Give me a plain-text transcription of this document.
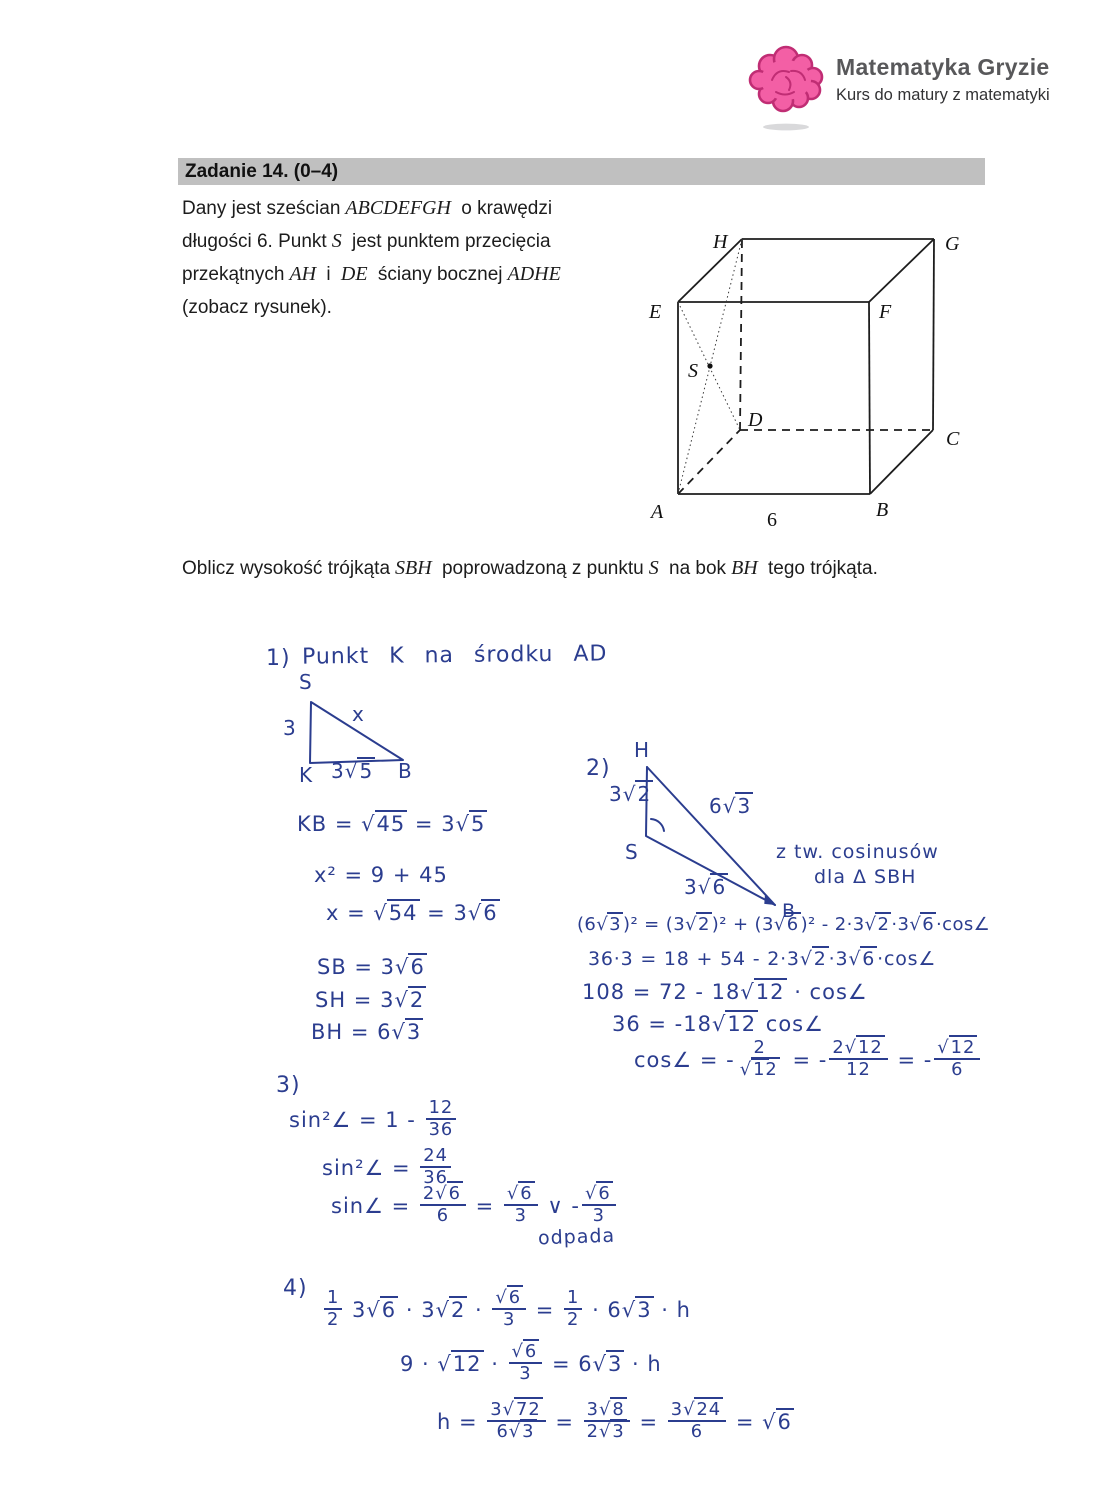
Matematyka Gryzie
Kurs do matury z matematyki
Zadanie 14. (0–4)
Dany jest sześcian ABCDEFGH o krawędzi
długości 6. Punkt S jest punktem przecięcia
przekątnych AH i DE ściany bocznej ADHE
(zobacz rysunek).
H	G
E	F
S
D
C
A	B
6
Oblicz wysokość trójkąta SBH poprowadzoną z punktu S na bok BH tego trójkąta.
1) Punkt K na środku AD
S
3
x
K 3√5 B
KB = √45 = 3√5
x² = 9 + 45
x = √54 = 3√6
SB = 3√6
SH = 3√2
BH = 6√3
2)
H
3√2	6√3
S
3√6
B
z tw. cosinusów
dla Δ SBH
(6√3 )² = (3√2 )² + (3√6 )² - 2·3√2 ·3√6 ·cos∠
36·3 = 18 + 54 - 2·3√2 ·3√6 ·cos∠
108 = 72 - 18√12 · cos∠
36 = -18√12 cos∠
cos∠ = - $\frac{2}{√12}$ = - $\frac{2√12}{12}$ = - $\frac{√12}{6}$
3)
sin²∠ = $1 - \frac{12}{36}$
sin²∠ = $\frac{24}{36}$
sin∠ = $\frac{2√6}{6} = \frac{√6}{3}$ ∨ - $\frac{√6}{3}$
odpada
$4) \frac{1}{2} 3√6 \cdot 3√2 \cdot \frac{√6}{3} = \frac{1}{2} \cdot 6√3 \cdot h$
$9 \cdot √12 \cdot \frac{√6}{3} = 6√3 \cdot h$
$h = \frac{3√72}{6√3} = \frac{3√8}{2√3} = \frac{3√24}{6} = √6$
